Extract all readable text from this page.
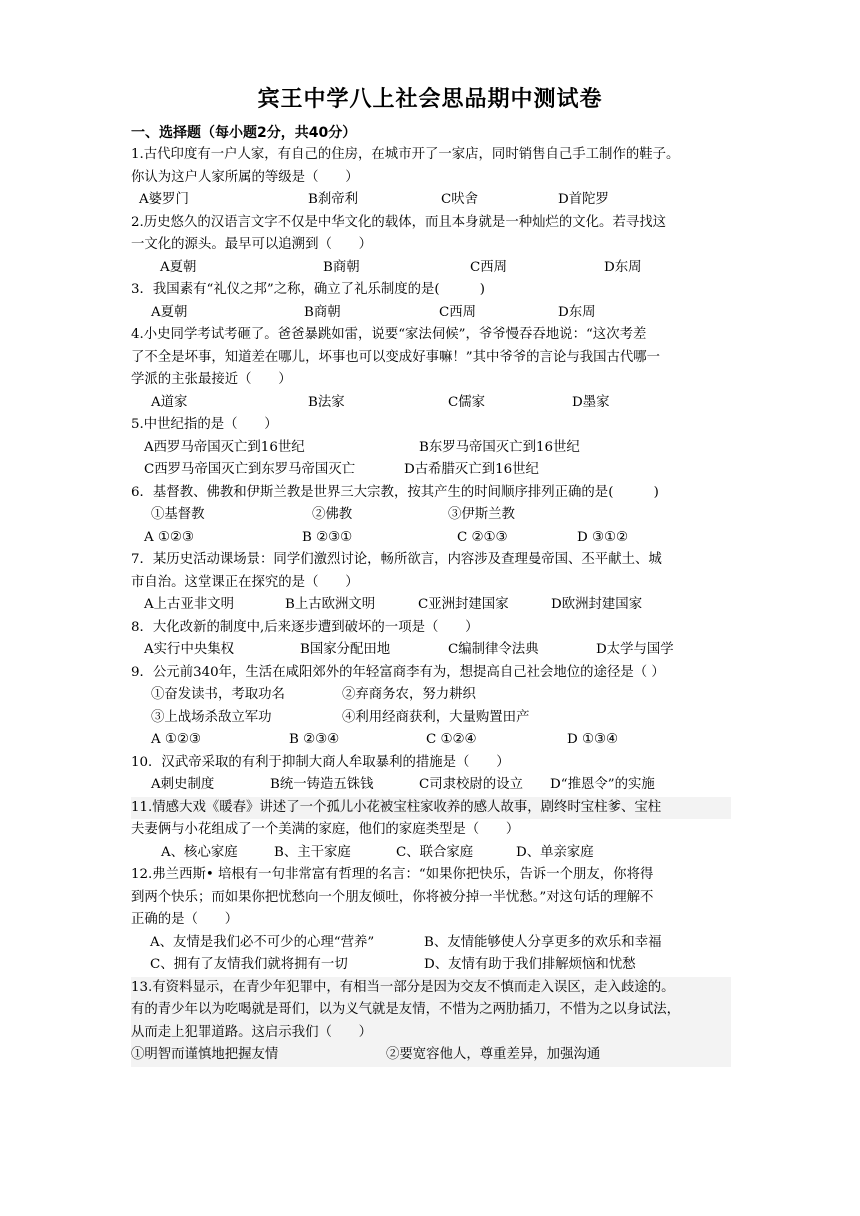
宾王中学八上社会思品期中测试卷
一、选择题（每小题2分，共40分）
1.古代印度有一户人家，有自己的住房，在城市开了一家店，同时销售自己手工制作的鞋子。
你认为这户人家所属的等级是（　　）
A婆罗门	B刹帝利	C吠舍	D首陀罗
2.历史悠久的汉语言文字不仅是中华文化的载体，而且本身就是一种灿烂的文化。若寻找这
一文化的源头。最早可以追溯到（　　）
A夏朝	B商朝	C西周	D东周
3．我国素有“礼仪之邦”之称，确立了礼乐制度的是(　　　)
A夏朝	B商朝	C西周	D东周
4.小史同学考试考砸了。爸爸暴跳如雷，说要“家法伺候”，爷爷慢吞吞地说：“这次考差
了不全是坏事，知道差在哪儿，坏事也可以变成好事嘛！”其中爷爷的言论与我国古代哪一
学派的主张最接近（　　）
A道家	B法家	C儒家	D墨家
5.中世纪指的是（　　）
A西罗马帝国灭亡到16世纪	B东罗马帝国灭亡到16世纪
C西罗马帝国灭亡到东罗马帝国灭亡	D古希腊灭亡到16世纪
6．基督教、佛教和伊斯兰教是世界三大宗教，按其产生的时间顺序排列正确的是(　　　)
①基督教	②佛教	③伊斯兰教
A ①②③	B ②③①	C ②①③	D ③①②
7．某历史活动课场景：同学们激烈讨论，畅所欲言，内容涉及查理曼帝国、丕平献土、城
市自治。这堂课正在探究的是（　　）
A上古亚非文明	B上古欧洲文明	C亚洲封建国家	D欧洲封建国家
8．大化改新的制度中,后来逐步遭到破坏的一项是（　　）
A实行中央集权	B国家分配田地	C编制律令法典	D太学与国学
9．公元前340年，生活在咸阳郊外的年轻富商李有为，想提高自己社会地位的途径是（ ）
①奋发读书，考取功名	②弃商务农，努力耕织
③上战场杀敌立军功	④利用经商获利，大量购置田产
A ①②③	B ②③④	C ①②④	D ①③④
10．汉武帝采取的有利于抑制大商人牟取暴利的措施是（　　）
A刺史制度	B统一铸造五铢钱	C司隶校尉的设立 D“推恩令”的实施
11.情感大戏《暖春》讲述了一个孤儿小花被宝柱家收养的感人故事，剧终时宝柱爹、宝柱
夫妻俩与小花组成了一个美满的家庭，他们的家庭类型是（　　）
A、核心家庭	B、主干家庭	C、联合家庭	D、单亲家庭
12.弗兰西斯• 培根有一句非常富有哲理的名言：“如果你把快乐，告诉一个朋友，你将得
到两个快乐；而如果你把忧愁向一个朋友倾吐，你将被分掉一半忧愁。”对这句话的理解不
正确的是（　　）
A、友情是我们必不可少的心理“营养”	B、友情能够使人分享更多的欢乐和幸福
C、拥有了友情我们就将拥有一切	D、友情有助于我们排解烦恼和忧愁
13.有资料显示，在青少年犯罪中，有相当一部分是因为交友不慎而走入误区，走入歧途的。
有的青少年以为吃喝就是哥们，以为义气就是友情，不惜为之两肋插刀，不惜为之以身试法，
从而走上犯罪道路。这启示我们（　　）
①明智而谨慎地把握友情	②要宽容他人，尊重差异，加强沟通
